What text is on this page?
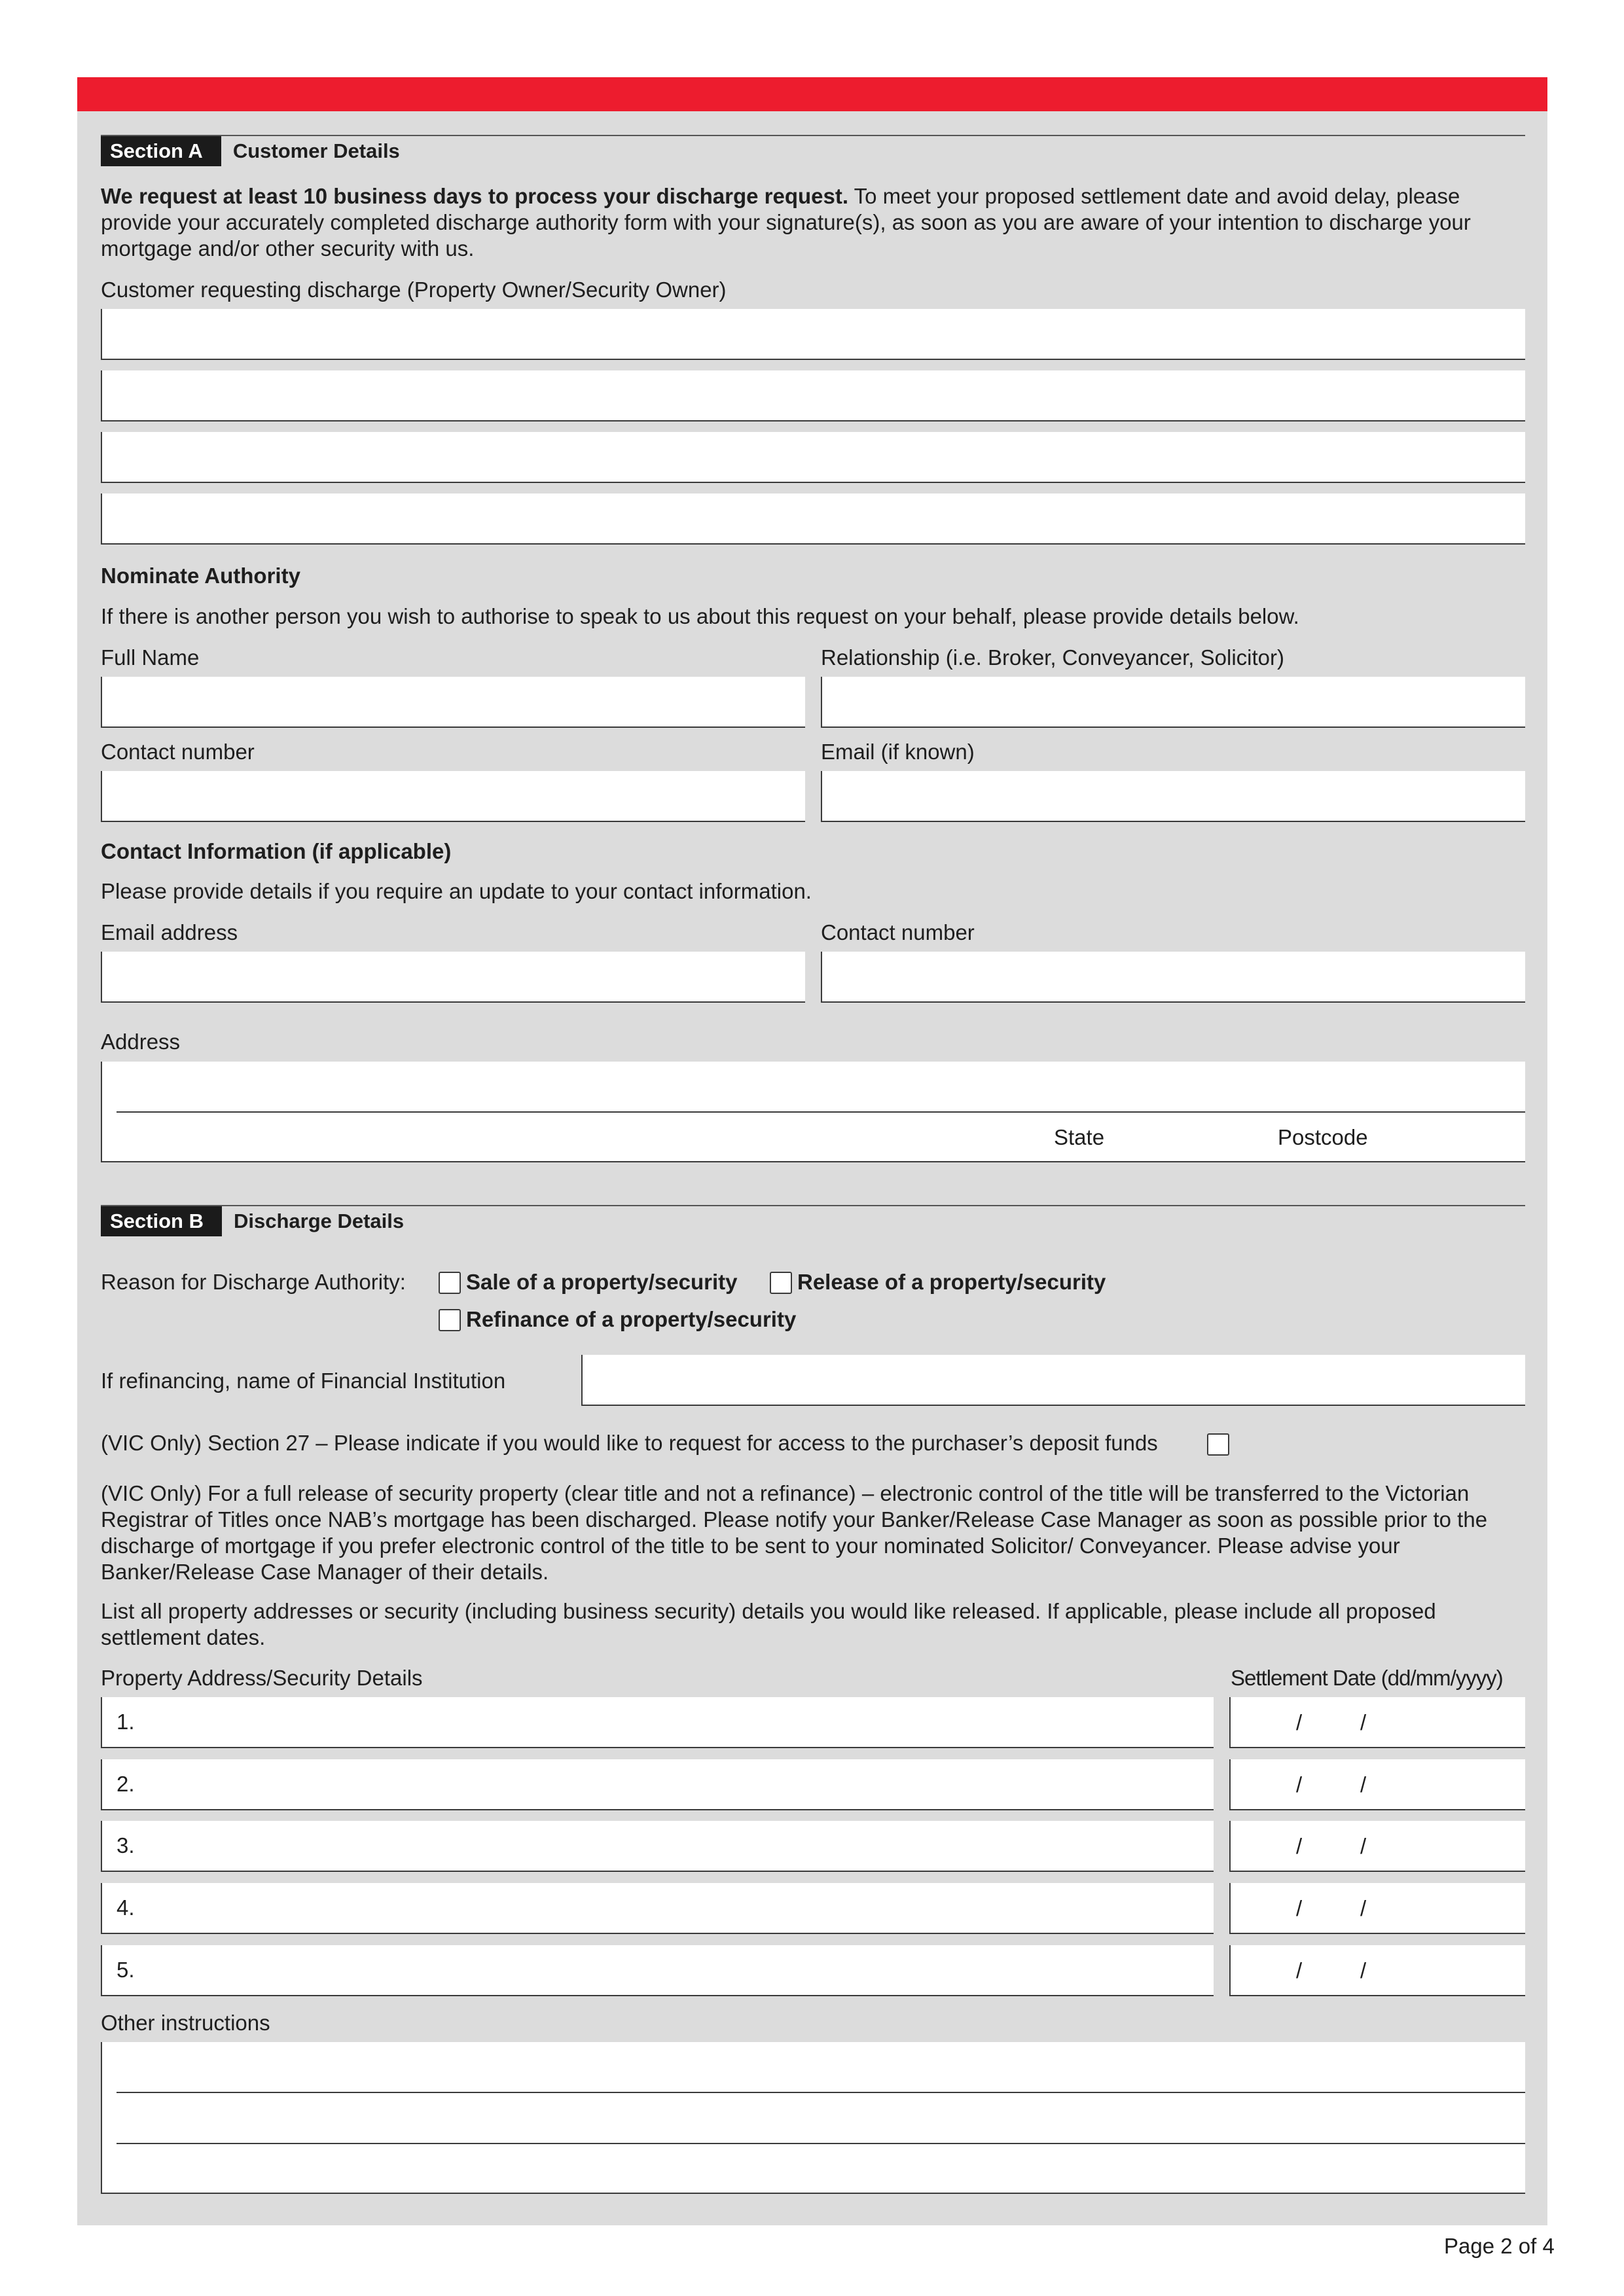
Section A	Customer Details
We request at least 10 business days to process your discharge request. To meet your proposed settlement date and avoid delay, please provide your accurately completed discharge authority form with your signature(s), as soon as you are aware of your intention to discharge your mortgage and/or other security with us.
Customer requesting discharge (Property Owner/Security Owner)
Nominate Authority
If there is another person you wish to authorise to speak to us about this request on your behalf, please provide details below.
Full Name	Relationship (i.e. Broker, Conveyancer, Solicitor)
Contact number	Email (if known)
Contact Information (if applicable)
Please provide details if you require an update to your contact information.
Email address	Contact number
Address
State	Postcode
Section B	Discharge Details
Reason for Discharge Authority:	Sale of a property/security	Release of a property/security
Refinance of a property/security
If refinancing, name of Financial Institution
(VIC Only) Section 27 – Please indicate if you would like to request for access to the purchaser’s deposit funds
(VIC Only) For a full release of security property (clear title and not a refinance) – electronic control of the title will be transferred to the Victorian Registrar of Titles once NAB’s mortgage has been discharged. Please notify your Banker/Release Case Manager as soon as possible prior to the discharge of mortgage if you prefer electronic control of the title to be sent to your nominated Solicitor/ Conveyancer. Please advise your Banker/Release Case Manager of their details.
List all property addresses or security (including business security) details you would like released. If applicable, please include all proposed settlement dates.
Property Address/Security Details	Settlement Date (dd/mm/yyyy)
1.	/	/
2.	/	/
3.	/	/
4.	/	/
5.	/	/
Other instructions
Page 2 of 4
